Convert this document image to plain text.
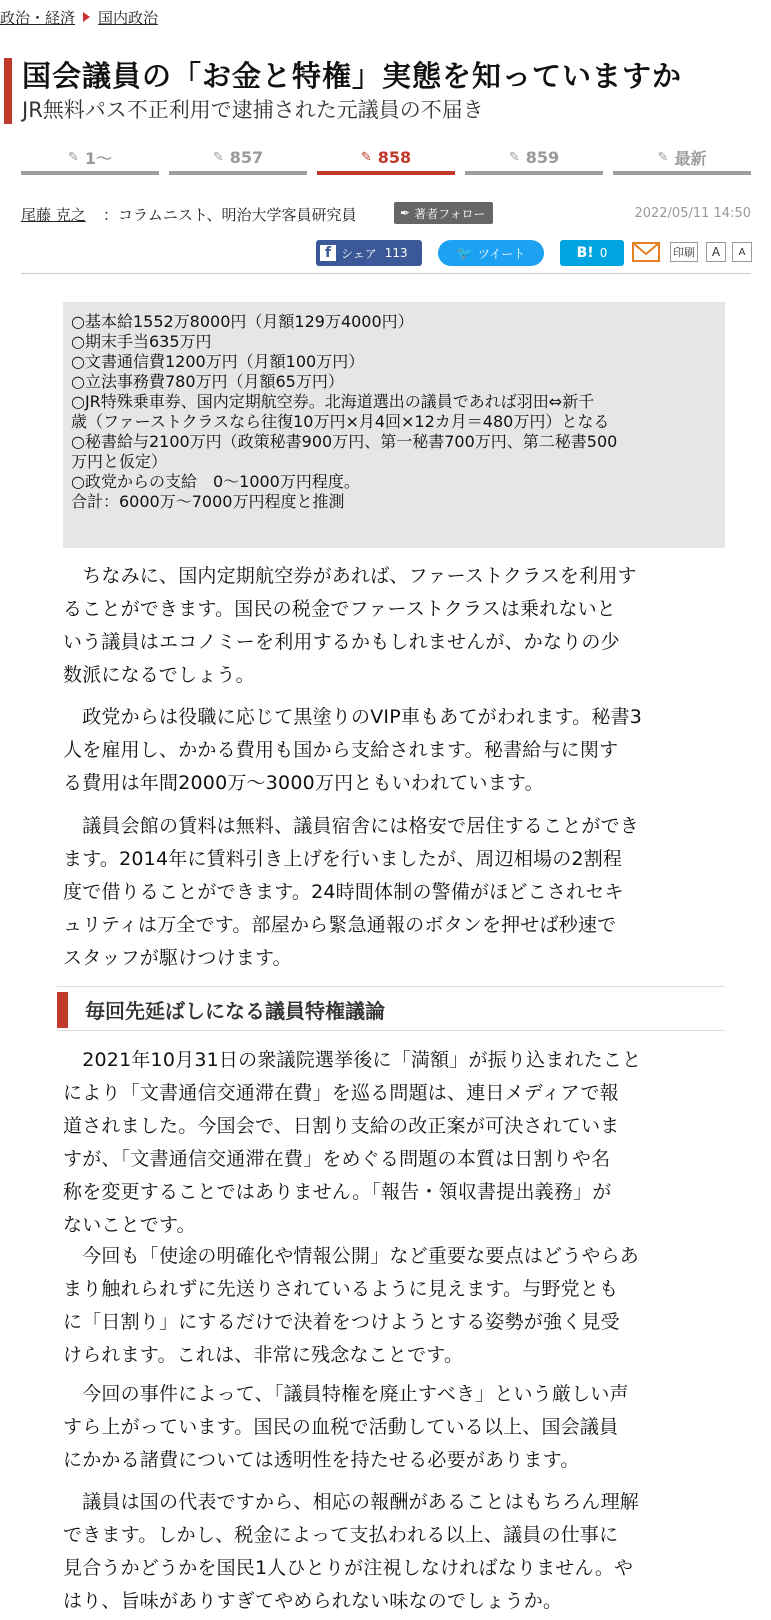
政治・経済 国内政治
国会議員の「お金と特権」実態を知っていますか
JR無料パス不正利用で逮捕された元議員の不届き
✎ 1〜	✎ 857	✎ 858	✎ 859	✎ 最新
尾藤 克之 ：コラムニスト、明治大学客員研究員	✒ 著者フォロー	2022/05/11 14:50
f シェア 113	🐦 ツイート	B! 0	印刷	A	A
○基本給1552万8000円（月額129万4000円）
○期末手当635万円
○文書通信費1200万円（月額100万円）
○立法事務費780万円（月額65万円）
○JR特殊乗車券、国内定期航空券。北海道選出の議員であれば羽田⇔新千
歳（ファーストクラスなら往復10万円×月4回×12カ月＝480万円）となる
○秘書給与2100万円（政策秘書900万円、第一秘書700万円、第二秘書500
万円と仮定）
○政党からの支給　0〜1000万円程度。
合計：6000万〜7000万円程度と推測
　ちなみに、国内定期航空券があれば、ファーストクラスを利用す
ることができます。国民の税金でファーストクラスは乗れないと
いう議員はエコノミーを利用するかもしれませんが、かなりの少
数派になるでしょう。
　政党からは役職に応じて黒塗りのVIP車もあてがわれます。秘書3
人を雇用し、かかる費用も国から支給されます。秘書給与に関す
る費用は年間2000万〜3000万円ともいわれています。
　議員会館の賃料は無料、議員宿舎には格安で居住することができ
ます。2014年に賃料引き上げを行いましたが、周辺相場の2割程
度で借りることができます。24時間体制の警備がほどこされセキ
ュリティは万全です。部屋から緊急通報のボタンを押せば秒速で
スタッフが駆けつけます。
毎回先延ばしになる議員特権議論
　2021年10月31日の衆議院選挙後に「満額」が振り込まれたこと
により「文書通信交通滞在費」を巡る問題は、連日メディアで報
道されました。今国会で、日割り支給の改正案が可決されていま
すが、「文書通信交通滞在費」をめぐる問題の本質は日割りや名
称を変更することではありません。「報告・領収書提出義務」が
ないことです。
　今回も「使途の明確化や情報公開」など重要な要点はどうやらあ
まり触れられずに先送りされているように見えます。与野党とも
に「日割り」にするだけで決着をつけようとする姿勢が強く見受
けられます。これは、非常に残念なことです。
　今回の事件によって、「議員特権を廃止すべき」という厳しい声
すら上がっています。国民の血税で活動している以上、国会議員
にかかる諸費については透明性を持たせる必要があります。
　議員は国の代表ですから、相応の報酬があることはもちろん理解
できます。しかし、税金によって支払われる以上、議員の仕事に
見合うかどうかを国民1人ひとりが注視しなければなりません。や
はり、旨味がありすぎてやめられない味なのでしょうか。
